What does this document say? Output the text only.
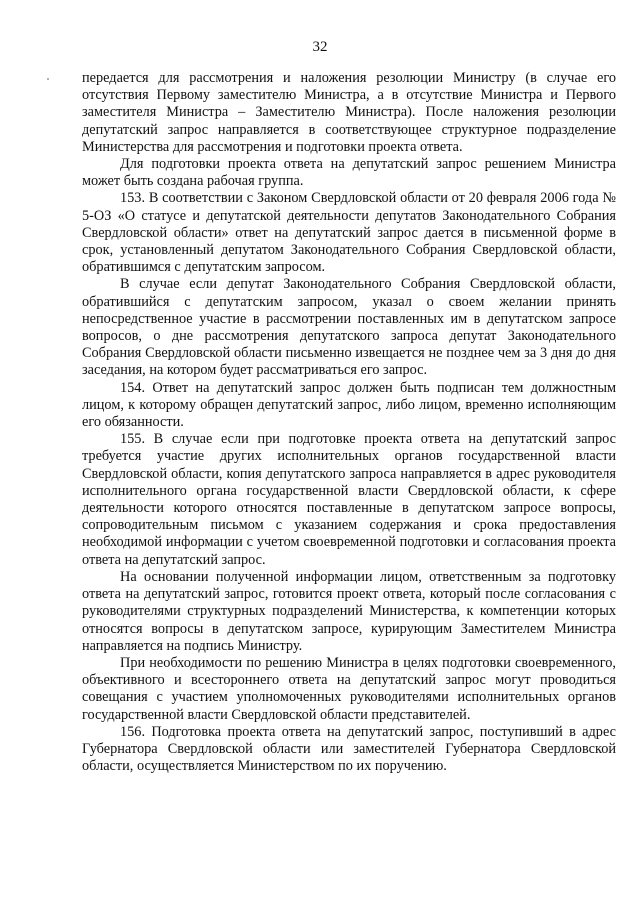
32

передается для рассмотрения и наложения резолюции Министру (в случае его отсутствия Первому заместителю Министра, а в отсутствие Министра и Первого заместителя Министра – Заместителю Министра). После наложения резолюции депутатский запрос направляется в соответствующее структурное подразделение Министерства для рассмотрения и подготовки проекта ответа.

Для подготовки проекта ответа на депутатский запрос решением Министра может быть создана рабочая группа.

153. В соответствии с Законом Свердловской области от 20 февраля 2006 года № 5-ОЗ «О статусе и депутатской деятельности депутатов Законодательного Собрания Свердловской области» ответ на депутатский запрос дается в письменной форме в срок, установленный депутатом Законодательного Собрания Свердловской области, обратившимся с депутатским запросом.

В случае если депутат Законодательного Собрания Свердловской области, обратившийся с депутатским запросом, указал о своем желании принять непосредственное участие в рассмотрении поставленных им в депутатском запросе вопросов, о дне рассмотрения депутатского запроса депутат Законодательного Собрания Свердловской области письменно извещается не позднее чем за 3 дня до дня заседания, на котором будет рассматриваться его запрос.

154. Ответ на депутатский запрос должен быть подписан тем должностным лицом, к которому обращен депутатский запрос, либо лицом, временно исполняющим его обязанности.

155. В случае если при подготовке проекта ответа на депутатский запрос требуется участие других исполнительных органов государственной власти Свердловской области, копия депутатского запроса направляется в адрес руководителя исполнительного органа государственной власти Свердловской области, к сфере деятельности которого относятся поставленные в депутатском запросе вопросы, сопроводительным письмом с указанием содержания и срока предоставления необходимой информации с учетом своевременной подготовки и согласования проекта ответа на депутатский запрос.

На основании полученной информации лицом, ответственным за подготовку ответа на депутатский запрос, готовится проект ответа, который после согласования с руководителями структурных подразделений Министерства, к компетенции которых относятся вопросы в депутатском запросе, курирующим Заместителем Министра направляется на подпись Министру.

При необходимости по решению Министра в целях подготовки своевременного, объективного и всестороннего ответа на депутатский запрос могут проводиться совещания с участием уполномоченных руководителями исполнительных органов государственной власти Свердловской области представителей.

156. Подготовка проекта ответа на депутатский запрос, поступивший в адрес Губернатора Свердловской области или заместителей Губернатора Свердловской области, осуществляется Министерством по их поручению.
